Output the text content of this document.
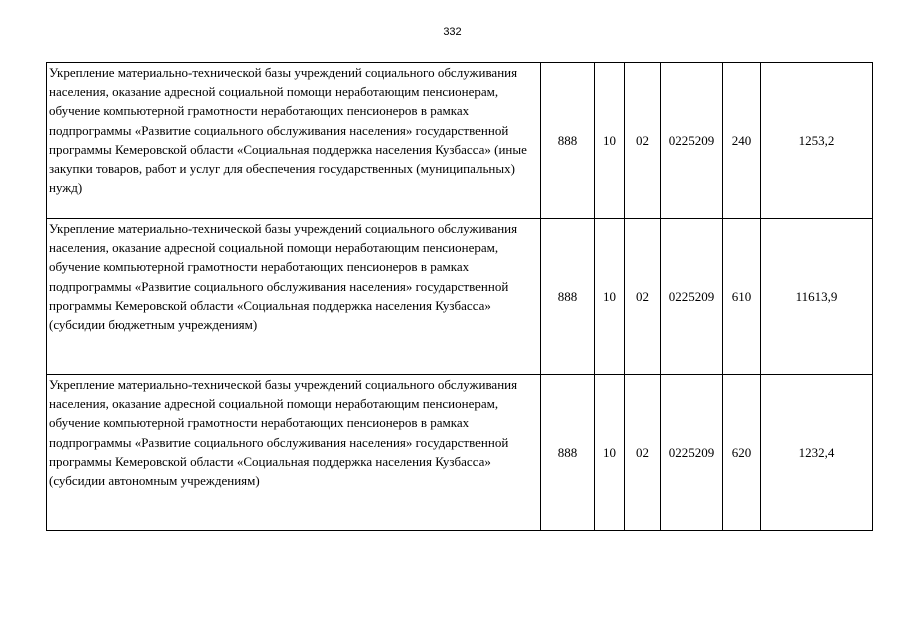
332
Укрепление материально-технической базы учреждений социального обслуживания населения, оказание адресной социальной помощи неработающим пенсионерам, обучение компьютерной грамотности неработающих пенсионеров в рамках подпрограммы «Развитие социального обслуживания населения» государственной программы Кемеровской области «Социальная поддержка населения Кузбасса» (иные закупки товаров, работ и услуг для обеспечения государственных (муниципальных) нужд)	888	10	02	0225209	240	1253,2
Укрепление материально-технической базы учреждений социального обслуживания населения, оказание адресной социальной помощи неработающим пенсионерам, обучение компьютерной грамотности неработающих пенсионеров в рамках подпрограммы «Развитие социального обслуживания населения» государственной программы Кемеровской области «Социальная поддержка населения Кузбасса» (субсидии бюджетным учреждениям)	888	10	02	0225209	610	11613,9
Укрепление материально-технической базы учреждений социального обслуживания населения, оказание адресной социальной помощи неработающим пенсионерам, обучение компьютерной грамотности неработающих пенсионеров в рамках подпрограммы «Развитие социального обслуживания населения» государственной программы Кемеровской области «Социальная поддержка населения Кузбасса» (субсидии автономным учреждениям)	888	10	02	0225209	620	1232,4
